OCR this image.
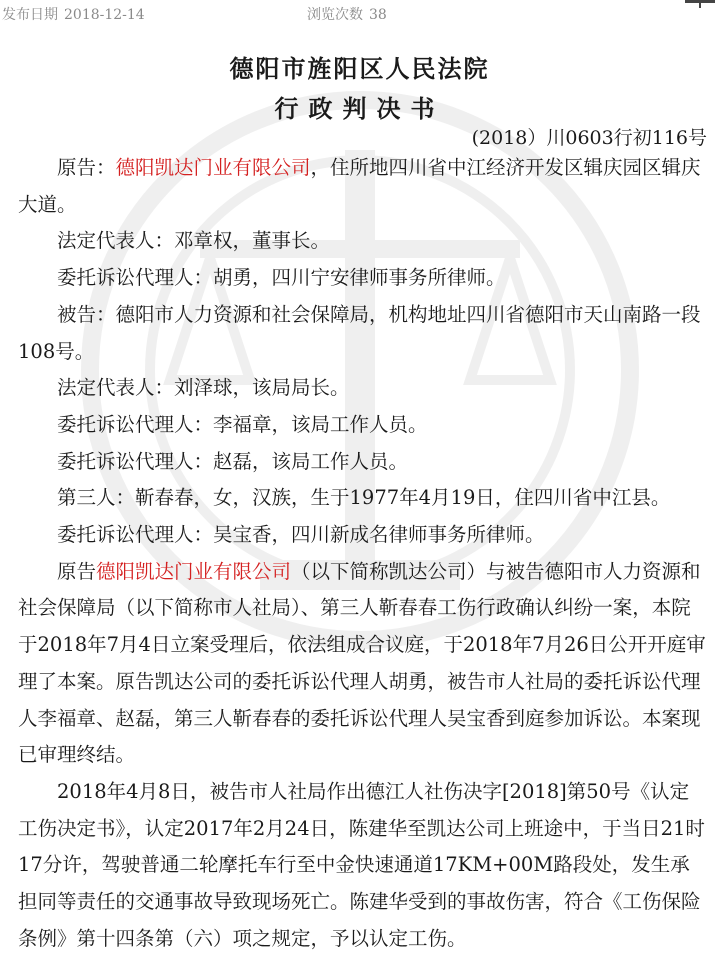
发布日期 2018-12-14	浏览次数 38
德阳市旌阳区人民法院
行政判决书

(2018）川0603行初116号

原告：德阳凯达门业有限公司，住所地四川省中江经济开发区辑庆园区辑庆大道。

法定代表人：邓章权，董事长。

委托诉讼代理人：胡勇，四川宁安律师事务所律师。

被告：德阳市人力资源和社会保障局，机构地址四川省德阳市天山南路一段108号。

法定代表人：刘泽球，该局局长。

委托诉讼代理人：李福章，该局工作人员。

委托诉讼代理人：赵磊，该局工作人员。

第三人：靳春春，女，汉族，生于1977年4月19日，住四川省中江县。

委托诉讼代理人：吴宝香，四川新成名律师事务所律师。

原告德阳凯达门业有限公司（以下简称凯达公司）与被告德阳市人力资源和社会保障局（以下简称市人社局）、第三人靳春春工伤行政确认纠纷一案，本院于2018年7月4日立案受理后，依法组成合议庭，于2018年7月26日公开开庭审理了本案。原告凯达公司的委托诉讼代理人胡勇，被告市人社局的委托诉讼代理人李福章、赵磊，第三人靳春春的委托诉讼代理人吴宝香到庭参加诉讼。本案现已审理终结。

2018年4月8日，被告市人社局作出德江人社伤决字[2018]第50号《认定工伤决定书》，认定2017年2月24日，陈建华至凯达公司上班途中，于当日21时17分许，驾驶普通二轮摩托车行至中金快速通道17KM+00M路段处，发生承担同等责任的交通事故导致现场死亡。陈建华受到的事故伤害，符合《工伤保险条例》第十四条第（六）项之规定，予以认定工伤。
